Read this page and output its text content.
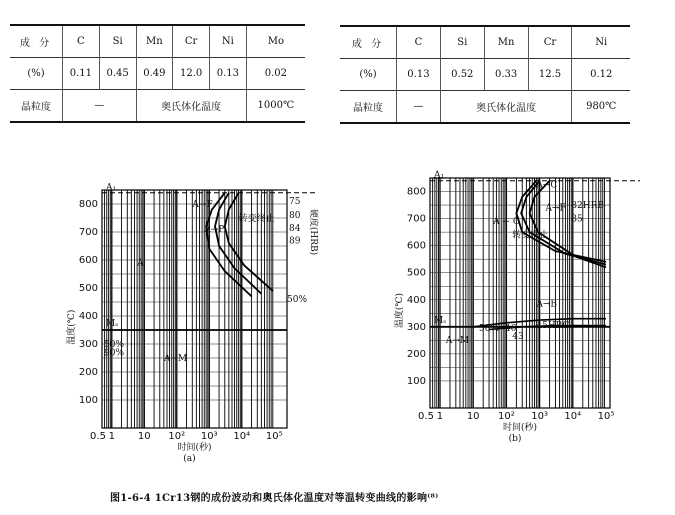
成 分	C	Si	Mn	Cr	Ni	Mo
(%)	0.11	0.45	0.49	12.0	0.13	0.02
晶粒度	—		奥氏体化温度			1000℃
成 分	C	Si	Mn	Cr	Ni
(%)	0.13	0.52	0.33	12.5	0.12
晶粒度	—	奥氏体化温度			980℃
100
200
300
400
500
600
700
800
0.5 1 10 10² 10³ 10⁴ 10⁵
时间(秒)
(a)
温度(℃)
A₁
Mₛ
A
A→F
A→P
A→M
转变终止
50%
50%
90%
75
80
84
89 硬度(HRB)
100
200
300
400
500
600
700
800
0.5 1 10 10² 10³ 10⁴ 10⁵
时间(秒)
(b)
温度(℃)
A₁
Mₛ
A→C
A→F
A + C
A→B
A→M
转变终止
82HRB
85
50% 46
43
45HRC
图1-6-4 1Cr13钢的成份波动和奥氏体化温度对等温转变曲线的影响⁽⁸⁾
